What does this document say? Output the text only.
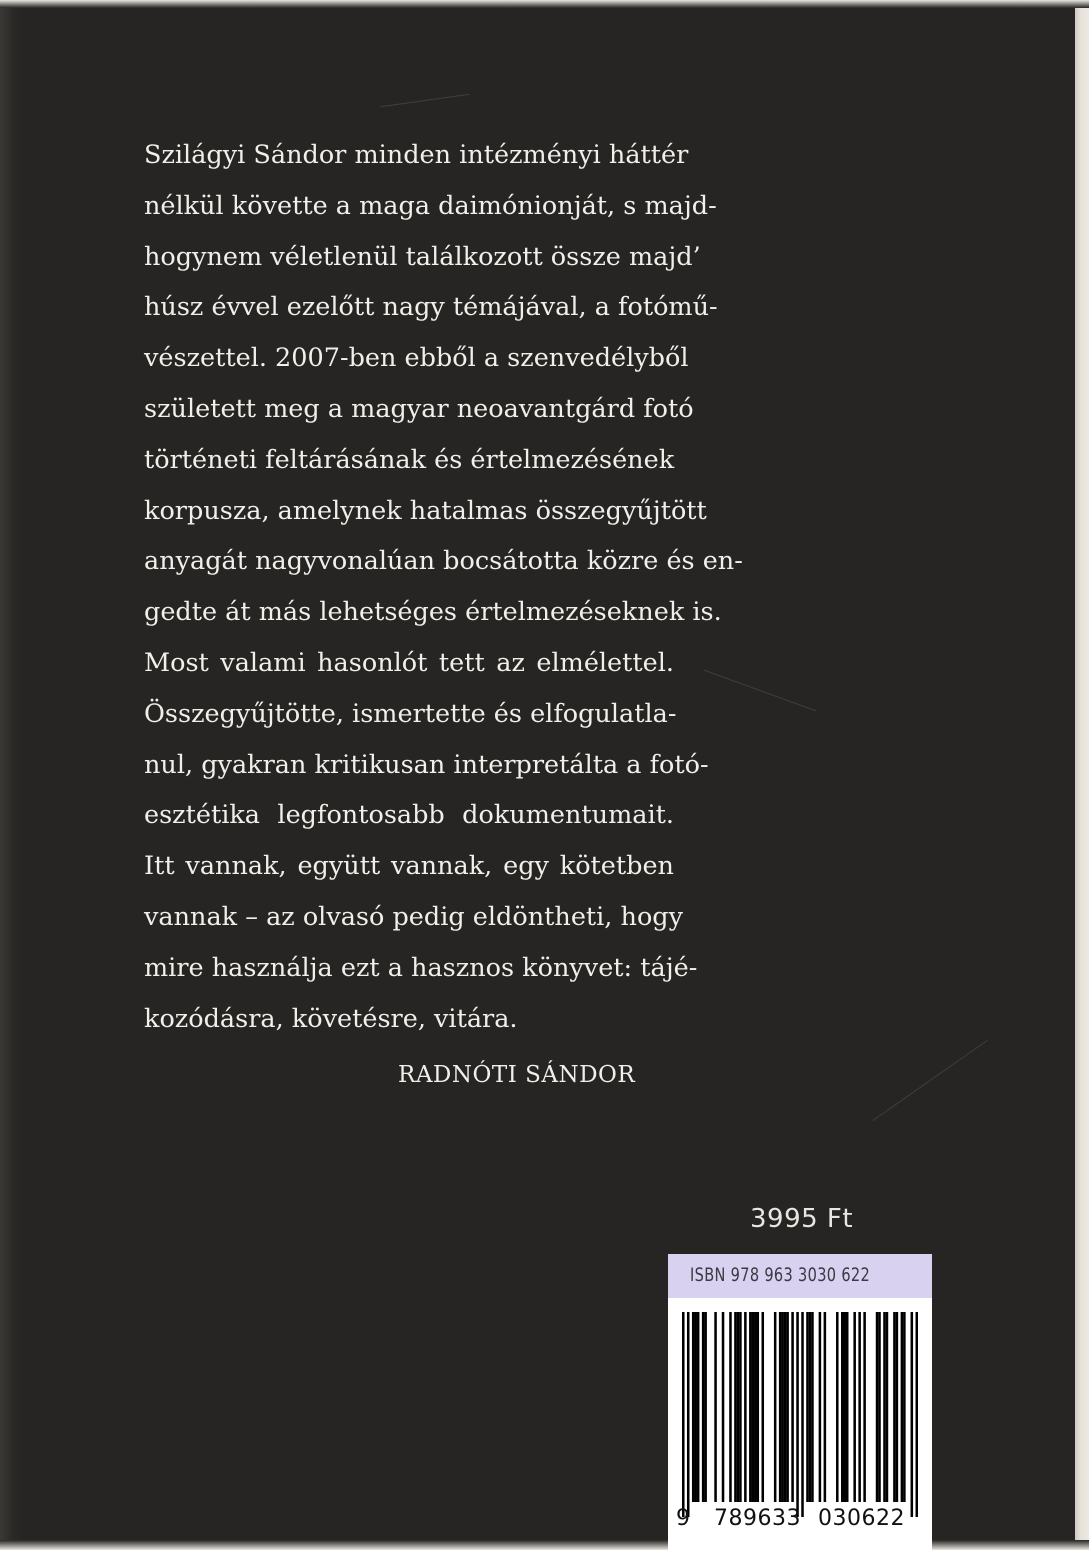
Szilágyi Sándor minden intézményi háttér
nélkül követte a maga daimónionját, s majd-
hogynem véletlenül találkozott össze majd’
húsz évvel ezelőtt nagy témájával, a fotómű-
vészettel. 2007-ben ebből a szenvedélyből
született meg a magyar neoavantgárd fotó
történeti feltárásának és értelmezésének
korpusza, amelynek hatalmas összegyűjtött
anyagát nagyvonalúan bocsátotta közre és en-
gedte át más lehetséges értelmezéseknek is.
Most valami hasonlót tett az elmélettel.
Összegyűjtötte, ismertette és elfogulatla-
nul, gyakran kritikusan interpretálta a fotó-
esztétika legfontosabb dokumentumait.
Itt vannak, együtt vannak, egy kötetben
vannak – az olvasó pedig eldöntheti, hogy
mire használja ezt a hasznos könyvet: tájé-
kozódásra, követésre, vitára.
RADNÓTI SÁNDOR
3995 Ft
ISBN 978 963 3030 622
9 789633 030622
